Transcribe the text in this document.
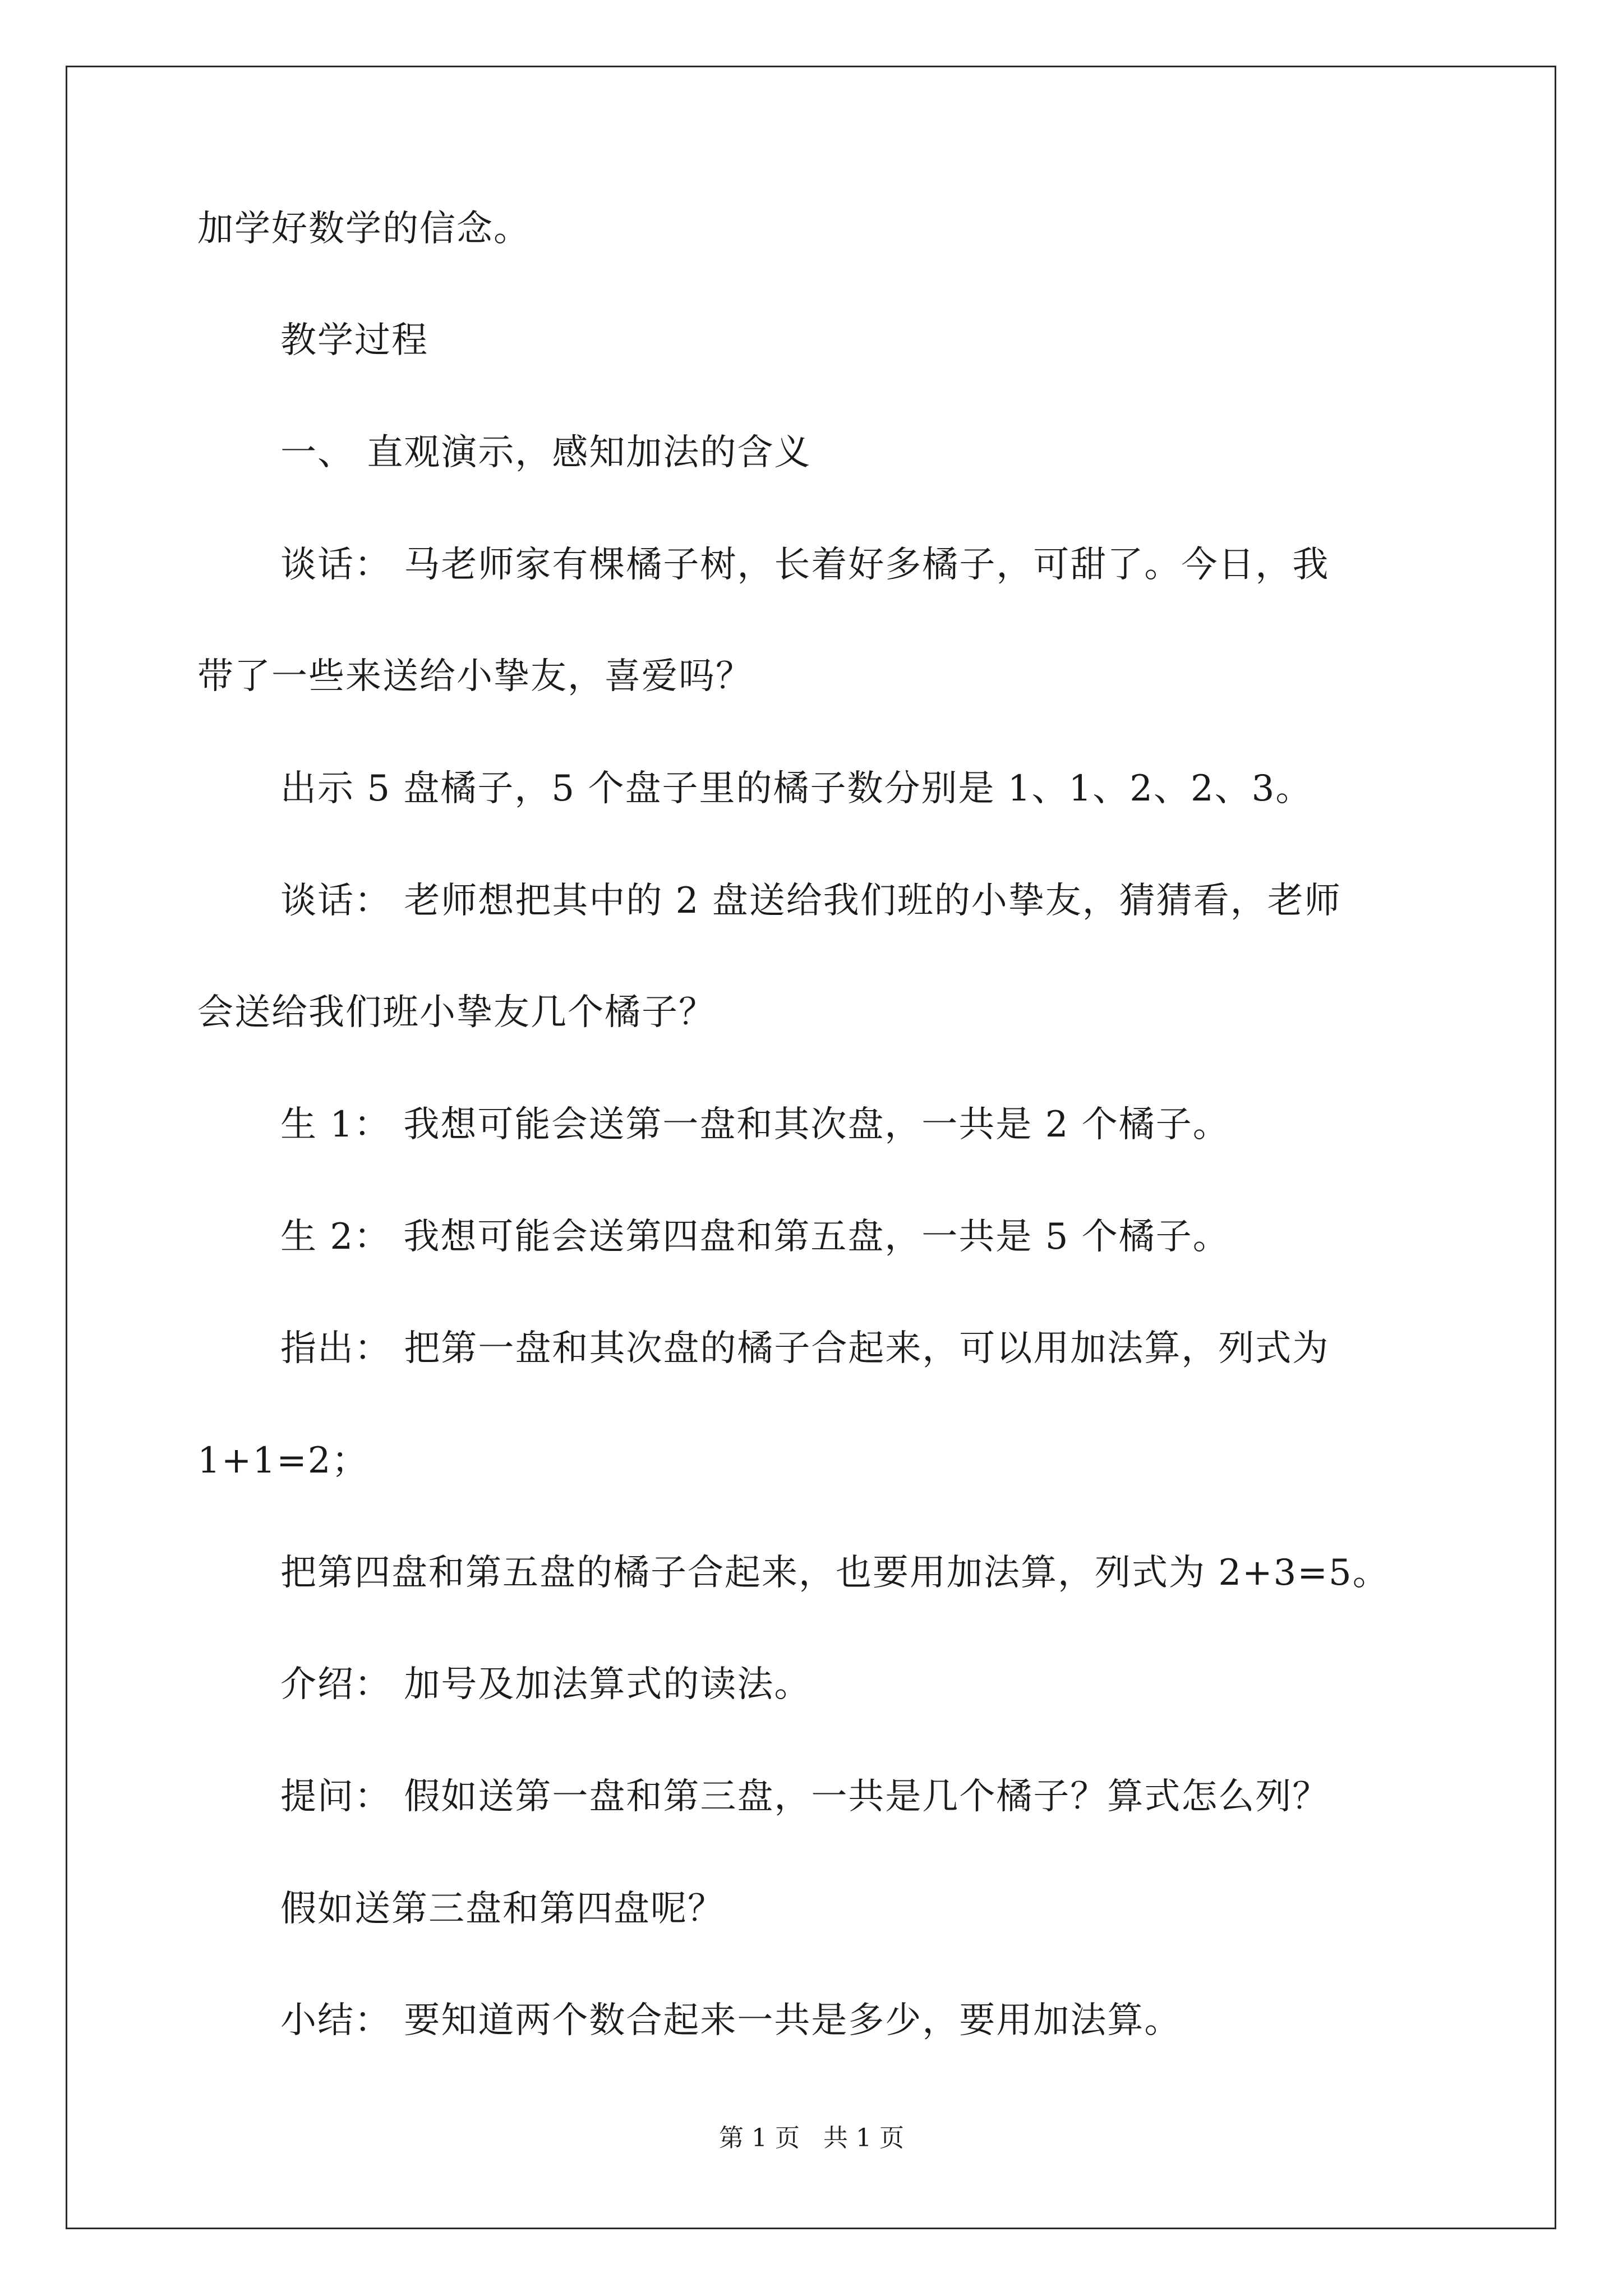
加学好数学的信念。
教学过程
一、 直观演示，感知加法的含义
谈话： 马老师家有棵橘子树，长着好多橘子，可甜了。今日，我
带了一些来送给小挚友，喜爱吗？
出示 5 盘橘子，5 个盘子里的橘子数分别是 1、1、2、2、3。
谈话： 老师想把其中的 2 盘送给我们班的小挚友，猜猜看，老师
会送给我们班小挚友几个橘子？
生 1： 我想可能会送第一盘和其次盘，一共是 2 个橘子。
生 2： 我想可能会送第四盘和第五盘，一共是 5 个橘子。
指出： 把第一盘和其次盘的橘子合起来，可以用加法算，列式为
1+1=2；
把第四盘和第五盘的橘子合起来，也要用加法算，列式为 2+3=5。
介绍： 加号及加法算式的读法。
提问： 假如送第一盘和第三盘，一共是几个橘子？算式怎么列？
假如送第三盘和第四盘呢？
小结： 要知道两个数合起来一共是多少，要用加法算。
第 1 页   共 1 页
